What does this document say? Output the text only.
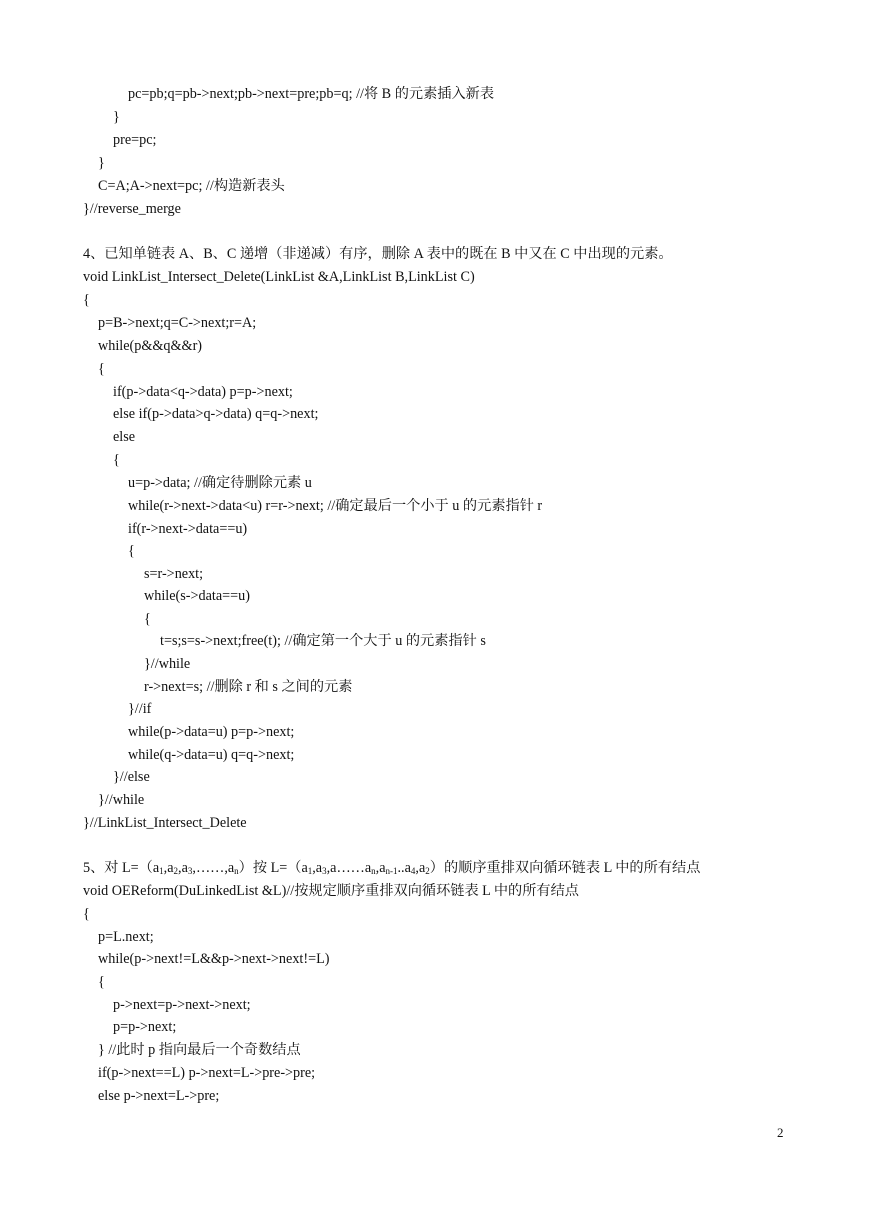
pc=pb;q=pb->next;pb->next=pre;pb=q; //将 B 的元素插入新表
}
pre=pc;
}
C=A;A->next=pc; //构造新表头
}//reverse_merge
4、已知单链表 A、B、C 递增（非递减）有序，删除 A 表中的既在 B 中又在 C 中出现的元素。
void LinkList_Intersect_Delete(LinkList &A,LinkList B,LinkList C)
{
p=B->next;q=C->next;r=A;
while(p&&q&&r)
{
if(p->data<q->data) p=p->next;
else if(p->data>q->data) q=q->next;
else
{
u=p->data; //确定待删除元素 u
while(r->next->data<u) r=r->next; //确定最后一个小于 u 的元素指针 r
if(r->next->data==u)
{
s=r->next;
while(s->data==u)
{
t=s;s=s->next;free(t); //确定第一个大于 u 的元素指针 s
}//while
r->next=s; //删除 r 和 s 之间的元素
}//if
while(p->data=u) p=p->next;
while(q->data=u) q=q->next;
}//else
}//while
}//LinkList_Intersect_Delete
5、对 $L=(a_1,a_2,a_3,\dots\dots,a_n)$按 $L=(a_1,a_3,a\dots\dots a_n,a_{n-1}..a_4,a_2)$的顺序重排双向循环链表 L 中的所有结点
void OEReform(DuLinkedList &L)//按规定顺序重排双向循环链表 L 中的所有结点
{
p=L.next;
while(p->next!=L&&p->next->next!=L)
{
p->next=p->next->next;
p=p->next;
} //此时 p 指向最后一个奇数结点
if(p->next==L) p->next=L->pre->pre;
else p->next=L->pre;
2
